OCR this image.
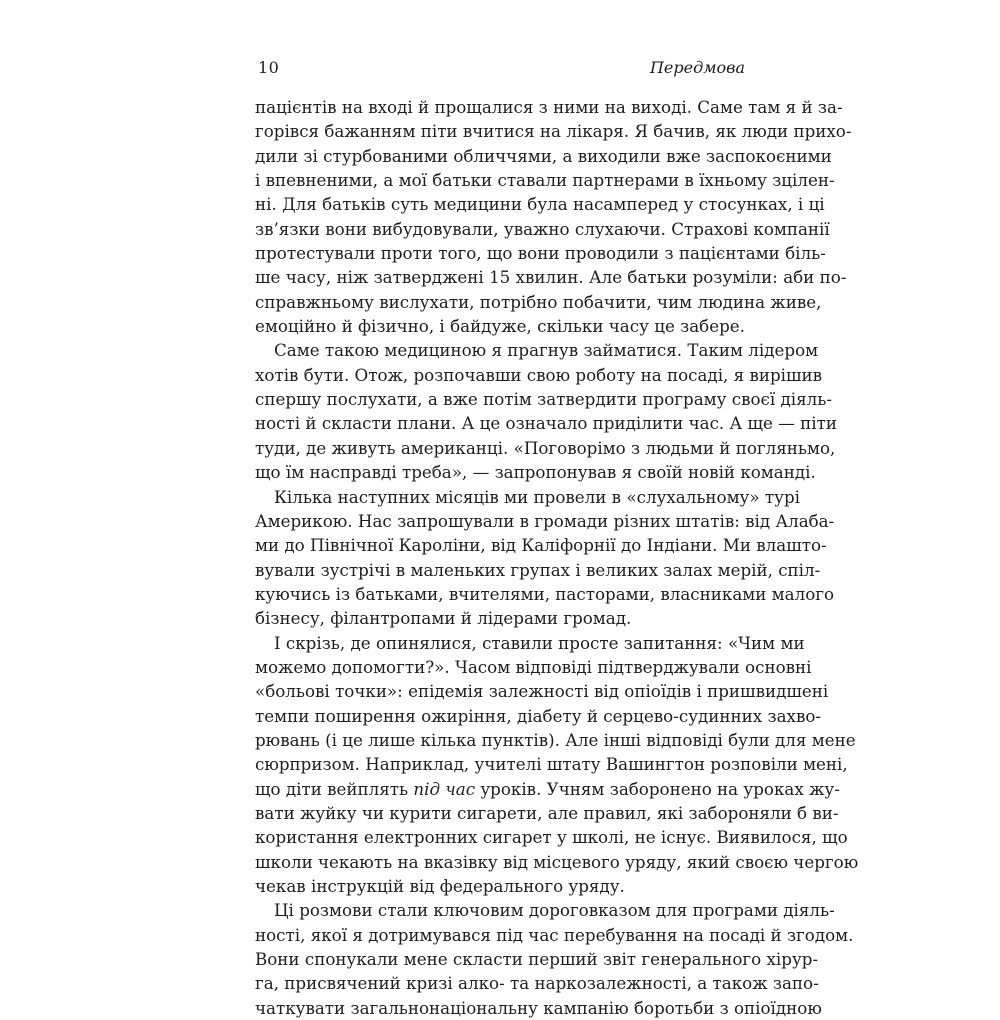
10	Передмова
пацієнтів на вході й прощалися з ними на виході. Саме там я й за-
горівся бажанням піти вчитися на лікаря. Я бачив, як люди прихо-
дили зі стурбованими обличчями, а виходили вже заспокоєними
і впевненими, а мої батьки ставали партнерами в їхньому зцілен-
ні. Для батьків суть медицини була насамперед у стосунках, і ці
зв’язки вони вибудовували, уважно слухаючи. Страхові компанії
протестували проти того, що вони проводили з пацієнтами біль-
ше часу, ніж затверджені 15 хвилин. Але батьки розуміли: аби по-
справжньому вислухати, потрібно побачити, чим людина живе,
емоційно й фізично, і байдуже, скільки часу це забере.
Саме такою медициною я прагнув займатися. Таким лідером
хотів бути. Отож, розпочавши свою роботу на посаді, я вирішив
спершу послухати, а вже потім затвердити програму своєї діяль-
ності й скласти плани. А це означало приділити час. А ще — піти
туди, де живуть американці. «Поговорімо з людьми й погляньмо,
що їм насправді треба», — запропонував я своїй новій команді.
Кілька наступних місяців ми провели в «слухальному» турі
Америкою. Нас запрошували в громади різних штатів: від Алаба-
ми до Північної Кароліни, від Каліфорнії до Індіани. Ми влашто-
вували зустрічі в маленьких групах і великих залах мерій, спіл-
куючись із батьками, вчителями, пасторами, власниками малого
бізнесу, філантропами й лідерами громад.
І скрізь, де опинялися, ставили просте запитання: «Чим ми
можемо допомогти?». Часом відповіді підтверджували основні
«больові точки»: епідемія залежності від опіоїдів і пришвидшені
темпи поширення ожиріння, діабету й серцево-судинних захво-
рювань (і це лише кілька пунктів). Але інші відповіді були для мене
сюрпризом. Наприклад, учителі штату Вашингтон розповіли мені,
що діти вейплять під час уроків. Учням заборонено на уроках жу-
вати жуйку чи курити сигарети, але правил, які забороняли б ви-
користання електронних сигарет у школі, не існує. Виявилося, що
школи чекають на вказівку від місцевого уряду, який своєю чергою
чекав інструкцій від федерального уряду.
Ці розмови стали ключовим дороговказом для програми діяль-
ності, якої я дотримувався під час перебування на посаді й згодом.
Вони спонукали мене скласти перший звіт генерального хірур-
га, присвячений кризі алко- та наркозалежності, а також запо-
чаткувати загальнонаціональну кампанію боротьби з опіоїдною
